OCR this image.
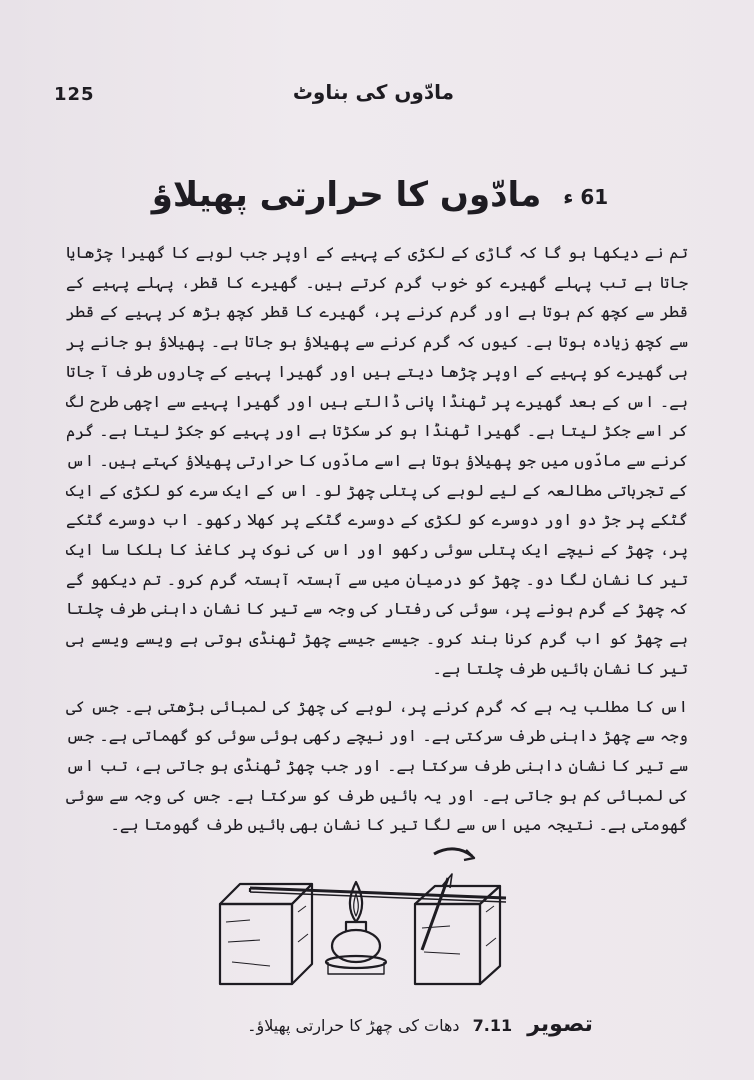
125	مادّوں کی بناوٹ
61 ء مادّوں کا حرارتی پھیلاؤ

تم نے دیکھا ہو گا کہ گاڑی کے لکڑی کے پہیے کے اوپر جب لوہے کا گھیرا چڑھایا جاتا ہے تب پہلے گھیرے کو خوب گرم کرتے ہیں۔ گھیرے کا قطر، پہلے پہیے کے قطر سے کچھ کم ہوتا ہے اور گرم کرنے پر، گھیرے کا قطر کچھ بڑھ کر پہیے کے قطر سے کچھ زیادہ ہوتا ہے۔ کیوں کہ گرم کرنے سے پھیلاؤ ہو جاتا ہے۔ پھیلاؤ ہو جانے پر ہی گھیرے کو پہیے کے اوپر چڑھا دیتے ہیں اور گھیرا پہیے کے چاروں طرف آ جاتا ہے۔ اس کے بعد گھیرے پر ٹھنڈا پانی ڈالتے ہیں اور گھیرا پہیے سے اچھی طرح لگ کر اسے جکڑ لیتا ہے۔ گھیرا ٹھنڈا ہو کر سکڑتا ہے اور پہیے کو جکڑ لیتا ہے۔ گرم کرنے سے مادّوں میں جو پھیلاؤ ہوتا ہے اسے مادّوں کا حرارتی پھیلاؤ کہتے ہیں۔ اس کے تجرباتی مطالعہ کے لیے لوہے کی پتلی چھڑ لو۔ اس کے ایک سرے کو لکڑی کے ایک گٹکے پر جڑ دو اور دوسرے کو لکڑی کے دوسرے گٹکے پر کھلا رکھو۔ اب دوسرے گٹکے پر، چھڑ کے نیچے ایک پتلی سوئی رکھو اور اس کی نوک پر کاغذ کا ہلکا سا ایک تیر کا نشان لگا دو۔ چھڑ کو درمیان میں سے آہستہ آہستہ گرم کرو۔ تم دیکھو گے کہ چھڑ کے گرم ہونے پر، سوئی کی رفتار کی وجہ سے تیر کا نشان داہنی طرف چلتا ہے چھڑ کو اب گرم کرنا بند کرو۔ جیسے جیسے چھڑ ٹھنڈی ہوتی ہے ویسے ویسے ہی تیر کا نشان بائیں طرف چلتا ہے۔

اس کا مطلب یہ ہے کہ گرم کرنے پر، لوہے کی چھڑ کی لمبائی بڑھتی ہے۔ جس کی وجہ سے چھڑ داہنی طرف سرکتی ہے۔ اور نیچے رکھی ہوئی سوئی کو گھماتی ہے۔ جس سے تیر کا نشان داہنی طرف سرکتا ہے۔ اور جب چھڑ ٹھنڈی ہو جاتی ہے، تب اس کی لمبائی کم ہو جاتی ہے۔ اور یہ بائیں طرف کو سرکتا ہے۔ جس کی وجہ سے سوئی گھومتی ہے۔ نتیجہ میں اس سے لگا تیر کا نشان بھی بائیں طرف گھومتا ہے۔

تصویر 7.11 دھات کی چھڑ کا حرارتی پھیلاؤ۔
